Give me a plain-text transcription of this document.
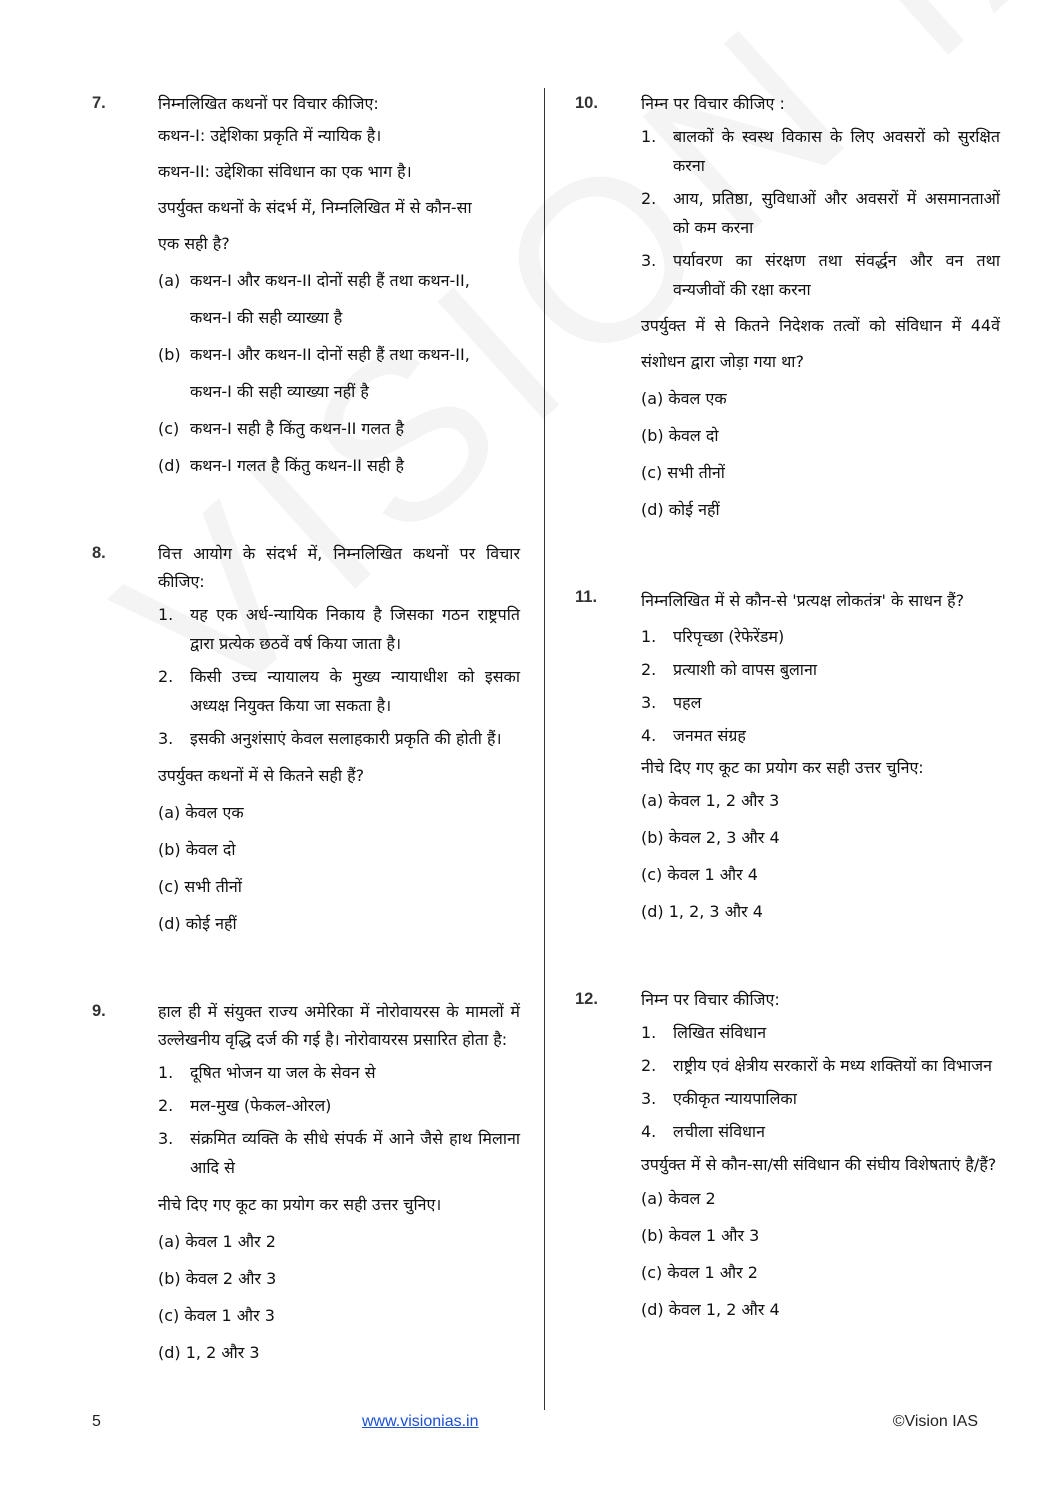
7.	निम्नलिखित कथनों पर विचार कीजिए:
कथन-I: उद्देशिका प्रकृति में न्यायिक है।
कथन-II: उद्देशिका संविधान का एक भाग है।
उपर्युक्त कथनों के संदर्भ में, निम्नलिखित में से कौन-सा
एक सही है?
(a) कथन-I और कथन-II दोनों सही हैं तथा कथन-II,
कथन-I की सही व्याख्या है
(b) कथन-I और कथन-II दोनों सही हैं तथा कथन-II,
कथन-I की सही व्याख्या नहीं है
(c) कथन-I सही है किंतु कथन-II गलत है
(d) कथन-I गलत है किंतु कथन-II सही है
8.	वित्त आयोग के संदर्भ में, निम्नलिखित कथनों पर विचार कीजिए:
1.	यह एक अर्ध-न्यायिक निकाय है जिसका गठन राष्ट्रपति द्वारा प्रत्येक छठवें वर्ष किया जाता है।
2.	किसी उच्च न्यायालय के मुख्य न्यायाधीश को इसका अध्यक्ष नियुक्त किया जा सकता है।
3.	इसकी अनुशंसाएं केवल सलाहकारी प्रकृति की होती हैं।
उपर्युक्त कथनों में से कितने सही हैं?
(a) केवल एक
(b) केवल दो
(c) सभी तीनों
(d) कोई नहीं
9.	हाल ही में संयुक्त राज्य अमेरिका में नोरोवायरस के मामलों में उल्लेखनीय वृद्धि दर्ज की गई है। नोरोवायरस प्रसारित होता है:
1.	दूषित भोजन या जल के सेवन से
2.	मल-मुख (फेकल-ओरल)
3.	संक्रमित व्यक्ति के सीधे संपर्क में आने जैसे हाथ मिलाना आदि से
नीचे दिए गए कूट का प्रयोग कर सही उत्तर चुनिए।
(a) केवल 1 और 2
(b) केवल 2 और 3
(c) केवल 1 और 3
(d) 1, 2 और 3
10.	निम्न पर विचार कीजिए :
1.	बालकों के स्वस्थ विकास के लिए अवसरों को सुरक्षित करना
2.	आय, प्रतिष्ठा, सुविधाओं और अवसरों में असमानताओं को कम करना
3.	पर्यावरण का संरक्षण तथा संवर्द्धन और वन तथा वन्यजीवों की रक्षा करना
उपर्युक्त में से कितने निदेशक तत्वों को संविधान में 44वें संशोधन द्वारा जोड़ा गया था?
(a) केवल एक
(b) केवल दो
(c) सभी तीनों
(d) कोई नहीं
11.	निम्नलिखित में से कौन-से 'प्रत्यक्ष लोकतंत्र' के साधन हैं?
1.	परिपृच्छा (रेफेरेंडम)
2.	प्रत्याशी को वापस बुलाना
3.	पहल
4.	जनमत संग्रह
नीचे दिए गए कूट का प्रयोग कर सही उत्तर चुनिए:
(a) केवल 1, 2 और 3
(b) केवल 2, 3 और 4
(c) केवल 1 और 4
(d) 1, 2, 3 और 4
12.	निम्न पर विचार कीजिए:
1.	लिखित संविधान
2.	राष्ट्रीय एवं क्षेत्रीय सरकारों के मध्य शक्तियों का विभाजन
3.	एकीकृत न्यायपालिका
4.	लचीला संविधान
उपर्युक्त में से कौन-सा/सी संविधान की संघीय विशेषताएं है/हैं?
(a) केवल 2
(b) केवल 1 और 3
(c) केवल 1 और 2
(d) केवल 1, 2 और 4
5	www.visionias.in	©Vision IAS
